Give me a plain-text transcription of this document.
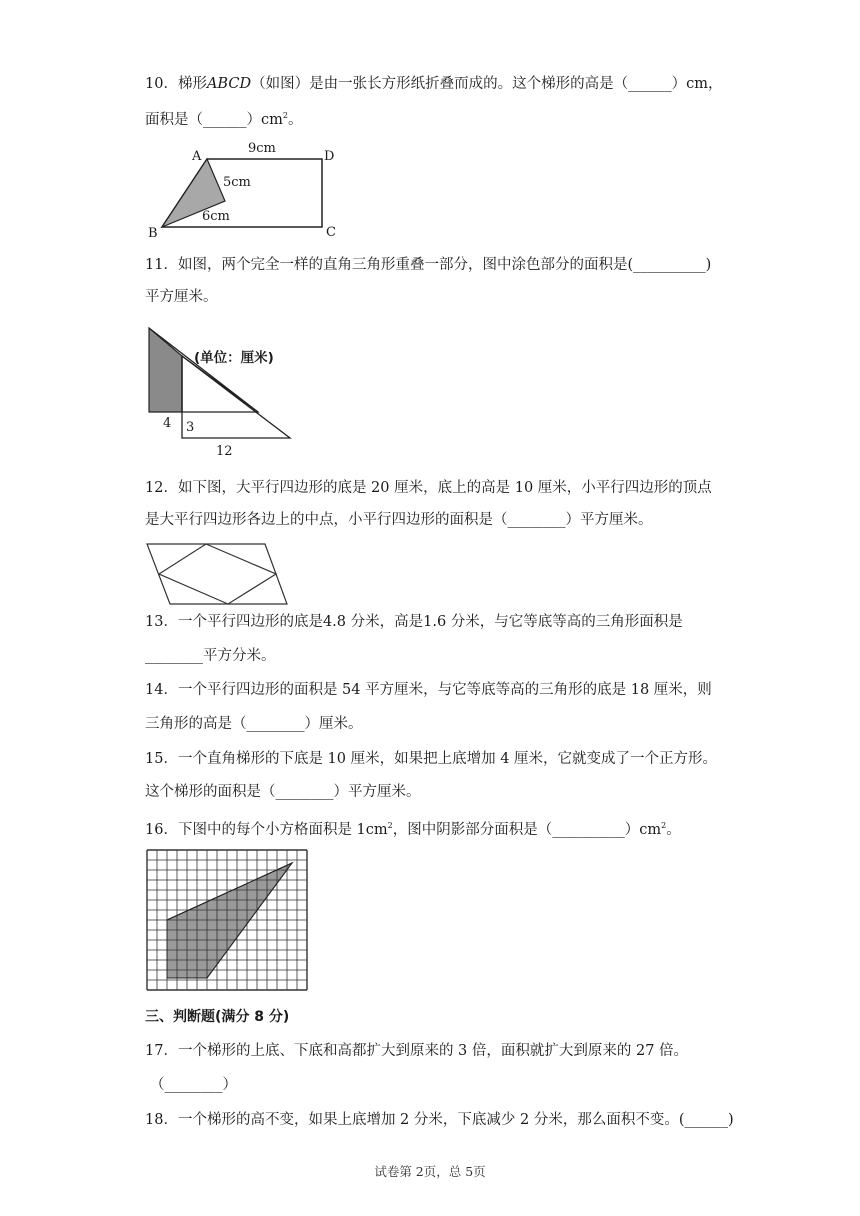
10．梯形ABCD（如图）是由一张长方形纸折叠而成的。这个梯形的高是（______）cm，
面积是$(\_\_\_\_\_\_)cm^2$。
A
B	C
D
9cm
5cm
6cm
11．如图，两个完全一样的直角三角形重叠一部分，图中涂色部分的面积是(__________)
平方厘米。
(单位：厘米)
4 3
12
12．如下图，大平行四边形的底是 20 厘米，底上的高是 10 厘米，小平行四边形的顶点
是大平行四边形各边上的中点，小平行四边形的面积是（________）平方厘米。
13．一个平行四边形的底是4.8 分米，高是1.6 分米，与它等底等高的三角形面积是
________平方分米。
14．一个平行四边形的面积是 54 平方厘米，与它等底等高的三角形的底是 18 厘米，则
三角形的高是（________）厘米。
15．一个直角梯形的下底是 10 厘米，如果把上底增加 4 厘米，它就变成了一个正方形。
这个梯形的面积是（________）平方厘米。
16．下图中的每个小方格面积是 $1cm^2$，图中阴影部分面积是$(\_\_\_\_\_\_\_\_\_\_)cm^2$。
三、判断题(满分 8 分)
17．一个梯形的上底、下底和高都扩大到原来的 3 倍，面积就扩大到原来的 27 倍。
（________）
18．一个梯形的高不变，如果上底增加 2 分米，下底减少 2 分米，那么面积不变。(______)
试卷第 2页，总 5页
